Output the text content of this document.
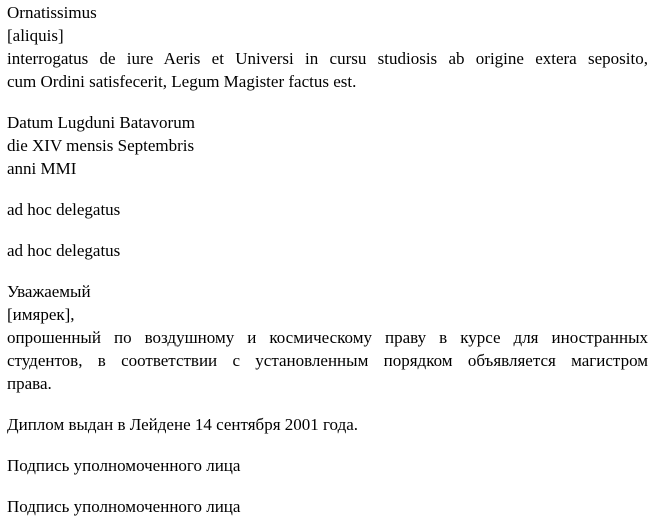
Ornatissimus
[aliquis]
interrogatus de iure Aeris et Universi in cursu studiosis ab origine extera seposito,
cum Ordini satisfecerit, Legum Magister factus est.

Datum Lugduni Batavorum
die XIV mensis Septembris
anni MMI

ad hoc delegatus

ad hoc delegatus

Уважаемый
[имярек],
опрошенный по воздушному и космическому праву в курсе для иностранных
студентов, в соответствии с установленным порядком объявляется магистром
права.

Диплом выдан в Лейдене 14 сентября 2001 года.

Подпись уполномоченного лица

Подпись уполномоченного лица
